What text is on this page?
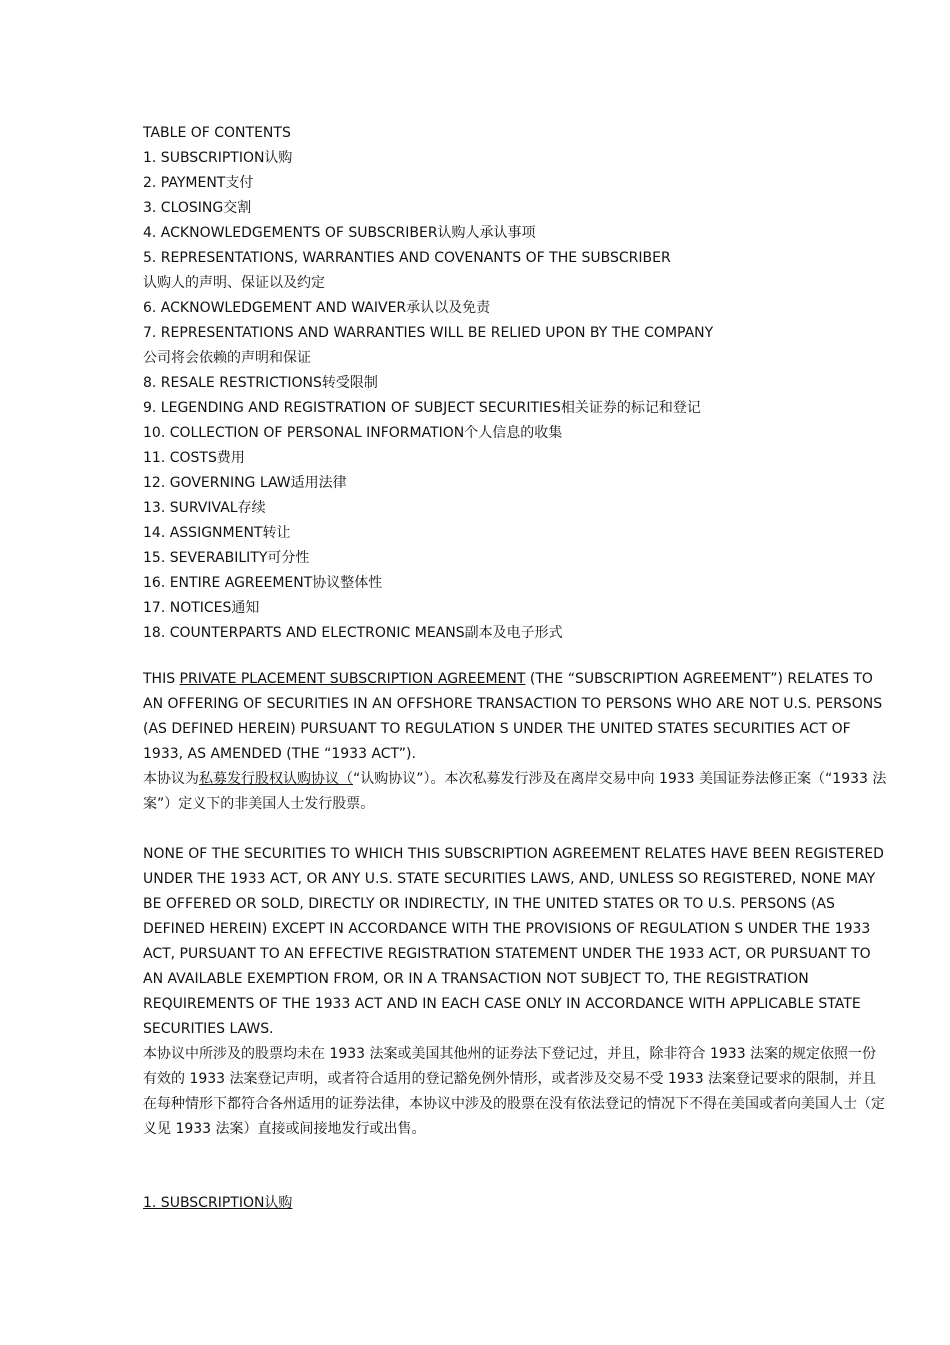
TABLE OF CONTENTS
1. SUBSCRIPTION认购
2. PAYMENT支付
3. CLOSING交割
4. ACKNOWLEDGEMENTS OF SUBSCRIBER认购人承认事项
5. REPRESENTATIONS, WARRANTIES AND COVENANTS OF THE SUBSCRIBER
认购人的声明、保证以及约定
6. ACKNOWLEDGEMENT AND WAIVER承认以及免责
7. REPRESENTATIONS AND WARRANTIES WILL BE RELIED UPON BY THE COMPANY
公司将会依赖的声明和保证
8. RESALE RESTRICTIONS转受限制
9. LEGENDING AND REGISTRATION OF SUBJECT SECURITIES相关证券的标记和登记
10. COLLECTION OF PERSONAL INFORMATION个人信息的收集
11. COSTS费用
12. GOVERNING LAW适用法律
13. SURVIVAL存续
14. ASSIGNMENT转让
15. SEVERABILITY可分性
16. ENTIRE AGREEMENT协议整体性
17. NOTICES通知
18. COUNTERPARTS AND ELECTRONIC MEANS副本及电子形式

THIS PRIVATE PLACEMENT SUBSCRIPTION AGREEMENT (THE “SUBSCRIPTION AGREEMENT”) RELATES TO AN OFFERING OF SECURITIES IN AN OFFSHORE TRANSACTION TO PERSONS WHO ARE NOT U.S. PERSONS (AS DEFINED HEREIN) PURSUANT TO REGULATION S UNDER THE UNITED STATES SECURITIES ACT OF 1933, AS AMENDED (THE “1933 ACT”).

本协议为私募发行股权认购协议（“认购协议”）。本次私募发行涉及在离岸交易中向 1933 美国证券法修正案（“1933 法案”）定义下的非美国人士发行股票。

NONE OF THE SECURITIES TO WHICH THIS SUBSCRIPTION AGREEMENT RELATES HAVE BEEN REGISTERED UNDER THE 1933 ACT, OR ANY U.S. STATE SECURITIES LAWS, AND, UNLESS SO REGISTERED, NONE MAY BE OFFERED OR SOLD, DIRECTLY OR INDIRECTLY, IN THE UNITED STATES OR TO U.S. PERSONS (AS DEFINED HEREIN) EXCEPT IN ACCORDANCE WITH THE PROVISIONS OF REGULATION S UNDER THE 1933 ACT, PURSUANT TO AN EFFECTIVE REGISTRATION STATEMENT UNDER THE 1933 ACT, OR PURSUANT TO AN AVAILABLE EXEMPTION FROM, OR IN A TRANSACTION NOT SUBJECT TO, THE REGISTRATION REQUIREMENTS OF THE 1933 ACT AND IN EACH CASE ONLY IN ACCORDANCE WITH APPLICABLE STATE SECURITIES LAWS.

本协议中所涉及的股票均未在 1933 法案或美国其他州的证券法下登记过，并且，除非符合 1933 法案的规定依照一份有效的 1933 法案登记声明，或者符合适用的登记豁免例外情形，或者涉及交易不受 1933 法案登记要求的限制，并且在每种情形下都符合各州适用的证券法律，本协议中涉及的股票在没有依法登记的情况下不得在美国或者向美国人士（定义见 1933 法案）直接或间接地发行或出售。

1. SUBSCRIPTION认购
